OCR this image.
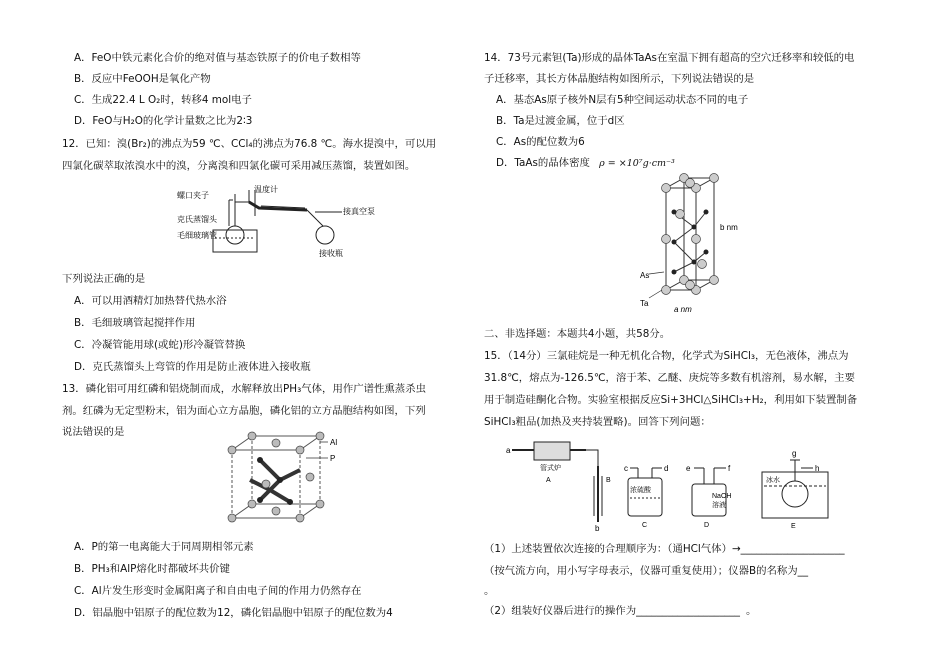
A．FeO中铁元素化合价的绝对值与基态铁原子的价电子数相等
B．反应中FeOOH是氧化产物
C．生成22.4 L O₂时，转移4 mol电子
D．FeO与H₂O的化学计量数之比为2∶3
12．已知：溴(Br₂)的沸点为59 ℃、CCl₄的沸点为76.8 ℃。海水提溴中，可以用
四氯化碳萃取浓溴水中的溴，分离溴和四氯化碳可采用减压蒸馏，装置如图。
螺口夹子
温度计
克氏蒸馏头
毛细玻璃管
接真空泵
接收瓶
下列说法正确的是
A．可以用酒精灯加热替代热水浴
B．毛细玻璃管起搅拌作用
C．冷凝管能用球(或蛇)形冷凝管替换
D．克氏蒸馏头上弯管的作用是防止液体进入接收瓶
13．磷化铝可用红磷和铝烧制而成，水解释放出PH₃气体，用作广谱性熏蒸杀虫
剂。红磷为无定型粉末，铝为面心立方晶胞，磷化铝的立方晶胞结构如图，下列
说法错误的是
Al
P
A．P的第一电离能大于同周期相邻元素
B．PH₃和AlP熔化时都破坏共价键
C．Al片发生形变时金属阳离子和自由电子间的作用力仍然存在
D．铝晶胞中铝原子的配位数为12，磷化铝晶胞中铝原子的配位数为4
14．73号元素钽(Ta)形成的晶体TaAs在室温下拥有超高的空穴迁移率和较低的电
子迁移率，其长方体晶胞结构如图所示，下列说法错误的是
A．基态As原子核外N层有5种空间运动状态不同的电子
B．Ta是过渡金属，位于d区
C．As的配位数为6
D．TaAs的晶体密度 ρ = ×10⁷g·cm⁻³
b nm
As
Ta
a nm
二、非选择题：本题共4小题，共58分。
15．（14分）三氯硅烷是一种无机化合物，化学式为SiHCl₃，无色液体，沸点为
31.8℃，熔点为-126.5℃，溶于苯、乙醚、庚烷等多数有机溶剂，易水解，主要
用于制造硅酮化合物。实验室根据反应Si+3HCl△SiHCl₃+H₂，利用如下装置制备
SiHCl₃粗品(加热及夹持装置略)。回答下列问题：
a
管式炉
A	B
b
c	d
浓硫酸
C
e	f
NaOH
溶液
D
g
h
冰水
E
（1）上述装置依次连接的合理顺序为：（通HCl气体）→____________________
（按气流方向，用小写字母表示，仪器可重复使用）；仪器B的名称为__
。
（2）组装好仪器后进行的操作为____________________ 。
